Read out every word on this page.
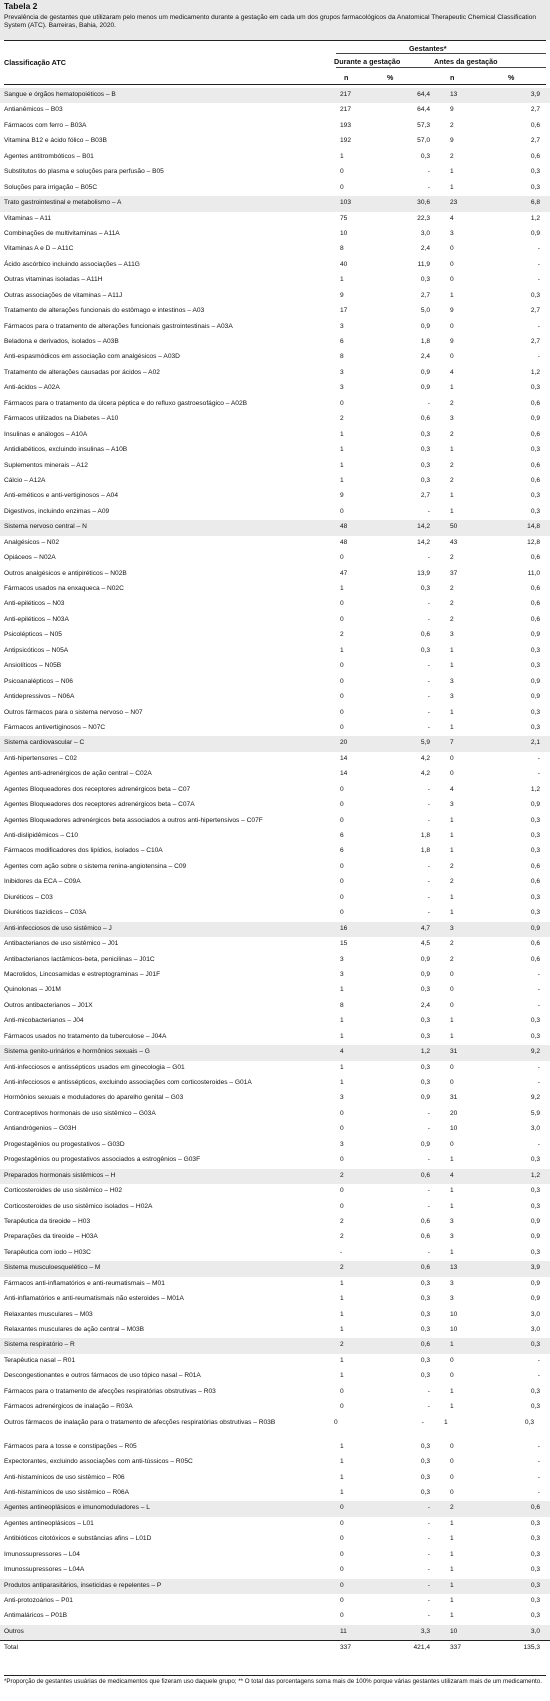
Tabela 2
Prevalência de gestantes que utilizaram pelo menos um medicamento durante a gestação em cada um dos grupos farmacológicos da Anatomical Therapeutic Chemical Classification System (ATC). Barreiras, Bahia, 2020.
Classificação ATC
Gestantes*
Durante a gestação	Antes da gestação
n	%	n	%
Sangue e órgãos hematopoiéticos – B	217	64,4	13	3,9
Antianêmicos – B03	217	64,4	9	2,7
Fármacos com ferro – B03A	193	57,3	2	0,6
Vitamina B12 e ácido fólico – B03B	192	57,0	9	2,7
Agentes antitrombóticos – B01	1	0,3	2	0,6
Substitutos do plasma e soluções para perfusão – B05	0	-	1	0,3
Soluções para irrigação – B05C	0	-	1	0,3
Trato gastrointestinal e metabolismo – A	103	30,6	23	6,8
Vitaminas – A11	75	22,3	4	1,2
Combinações de multivitaminas – A11A	10	3,0	3	0,9
Vitaminas A e D – A11C	8	2,4	0	-
Ácido ascórbico incluindo associações – A11G	40	11,9	0	-
Outras vitaminas isoladas – A11H	1	0,3	0	-
Outras associações de vitaminas – A11J	9	2,7	1	0,3
Tratamento de alterações funcionais do estômago e intestinos – A03	17	5,0	9	2,7
Fármacos para o tratamento de alterações funcionais gastrointestinais – A03A	3	0,9	0	-
Beladona e derivados, isolados – A03B	6	1,8	9	2,7
Anti-espasmódicos em associação com analgésicos – A03D	8	2,4	0	-
Tratamento de alterações causadas por ácidos – A02	3	0,9	4	1,2
Anti-ácidos – A02A	3	0,9	1	0,3
Fármacos para o tratamento da úlcera péptica e do refluxo gastroesofágico – A02B	0	-	2	0,6
Fármacos utilizados na Diabetes – A10	2	0,6	3	0,9
Insulinas e análogos – A10A	1	0,3	2	0,6
Antidiabéticos, excluindo insulinas – A10B	1	0,3	1	0,3
Suplementos minerais – A12	1	0,3	2	0,6
Cálcio – A12A	1	0,3	2	0,6
Anti-eméticos e anti-vertiginosos – A04	9	2,7	1	0,3
Digestivos, incluindo enzimas – A09	0	-	1	0,3
Sistema nervoso central – N	48	14,2	50	14,8
Analgésicos – N02	48	14,2	43	12,8
Opiáceos – N02A	0	-	2	0,6
Outros analgésicos e antipiréticos – N02B	47	13,9	37	11,0
Fármacos usados na enxaqueca – N02C	1	0,3	2	0,6
Anti-epiléticos – N03	0	-	2	0,6
Anti-epiléticos – N03A	0	-	2	0,6
Psicolépticos – N05	2	0,6	3	0,9
Antipsicóticos – N05A	1	0,3	1	0,3
Ansiolíticos – N05B	0	-	1	0,3
Psicoanalépticos – N06	0	-	3	0,9
Antidepressivos – N06A	0	-	3	0,9
Outros fármacos para o sistema nervoso – N07	0	-	1	0,3
Fármacos antivertiginosos – N07C	0	-	1	0,3
Sistema cardiovascular – C	20	5,9	7	2,1
Anti-hipertensores – C02	14	4,2	0	-
Agentes anti-adrenérgicos de ação central – C02A	14	4,2	0	-
Agentes Bloqueadores dos receptores adrenérgicos beta – C07	0	-	4	1,2
Agentes Bloqueadores dos receptores adrenérgicos beta – C07A	0	-	3	0,9
Agentes Bloqueadores adrenérgicos beta associados a outros anti-hipertensivos – C07F	0	-	1	0,3
Anti-dislipidêmicos – C10	6	1,8	1	0,3
Fármacos modificadores dos lipídios, isolados – C10A	6	1,8	1	0,3
Agentes com ação sobre o sistema renina-angiotensina – C09	0	-	2	0,6
Inibidores da ECA – C09A	0	-	2	0,6
Diuréticos – C03	0	-	1	0,3
Diuréticos tiazídicos – C03A	0	-	1	0,3
Anti-infecciosos de uso sistêmico – J	16	4,7	3	0,9
Antibacterianos de uso sistêmico – J01	15	4,5	2	0,6
Antibacterianos lactâmicos-beta, penicilinas – J01C	3	0,9	2	0,6
Macrolidos, Lincosamidas e estreptograminas – J01F	3	0,9	0	-
Quinolonas – J01M	1	0,3	0	-
Outros antibacterianos – J01X	8	2,4	0	-
Anti-micobacterianos – J04	1	0,3	1	0,3
Fármacos usados no tratamento da tuberculose – J04A	1	0,3	1	0,3
Sistema genito-urinários e hormônios sexuais – G	4	1,2	31	9,2
Anti-infecciosos e antissépticos usados em ginecologia – G01	1	0,3	0	-
Anti-infecciosos e antissépticos, excluindo associações com corticosteroides – G01A	1	0,3	0	-
Hormônios sexuais e moduladores do aparelho genital – G03	3	0,9	31	9,2
Contraceptivos hormonais de uso sistêmico – G03A	0	-	20	5,9
Antiandrógenios – G03H	0	-	10	3,0
Progestagênios ou progestativos – G03D	3	0,9	0	-
Progestagênios ou progestativos associados a estrogênios – G03F	0	-	1	0,3
Preparados hormonais sistêmicos – H	2	0,6	4	1,2
Corticosteroides de uso sistêmico – H02	0	-	1	0,3
Corticosteroides de uso sistêmico isolados – H02A	0	-	1	0,3
Terapêutica da tireoide – H03	2	0,6	3	0,9
Preparações da tireoide – H03A	2	0,6	3	0,9
Terapêutica com iodo – H03C	-	-	1	0,3
Sistema musculoesquelético – M	2	0,6	13	3,9
Fármacos anti-inflamatórios e anti-reumatismais – M01	1	0,3	3	0,9
Anti-inflamatórios e anti-reumatismais não esteroides – M01A	1	0,3	3	0,9
Relaxantes musculares – M03	1	0,3	10	3,0
Relaxantes musculares de ação central – M03B	1	0,3	10	3,0
Sistema respiratório – R	2	0,6	1	0,3
Terapêutica nasal – R01	1	0,3	0	-
Descongestionantes e outros fármacos de uso tópico nasal – R01A	1	0,3	0	-
Fármacos para o tratamento de afecções respiratórias obstrutivas – R03	0	-	1	0,3
Fármacos adrenérgicos de inalação – R03A	0	-	1	0,3
Outros fármacos de inalação para o tratamento de afecções respiratórias obstrutivas – R03B	0	-	1	0,3
Fármacos para a tosse e constipações – R05	1	0,3	0	-
Expectorantes, excluindo associações com anti-tússicos – R05C	1	0,3	0	-
Anti-histamínicos de uso sistêmico – R06	1	0,3	0	-
Anti-histamínicos de uso sistêmico – R06A	1	0,3	0	-
Agentes antineoplásicos e imunomoduladores – L	0	-	2	0,6
Agentes antineoplásicos – L01	0	-	1	0,3
Antibióticos citotóxicos e substâncias afins – L01D	0	-	1	0,3
Imunossupressores – L04	0	-	1	0,3
Imunossupressores – L04A	0	-	1	0,3
Produtos antiparasitários, inseticidas e repelentes – P	0	-	1	0,3
Anti-protozoários – P01	0	-	1	0,3
Antimaláricos – P01B	0	-	1	0,3
Outros	11	3,3	10	3,0
Total	337	421,4	337	135,3
*Proporção de gestantes usuárias de medicamentos que fizeram uso daquele grupo; ** O total das porcentagens soma mais de 100% porque várias gestantes utilizaram mais de um medicamento.
